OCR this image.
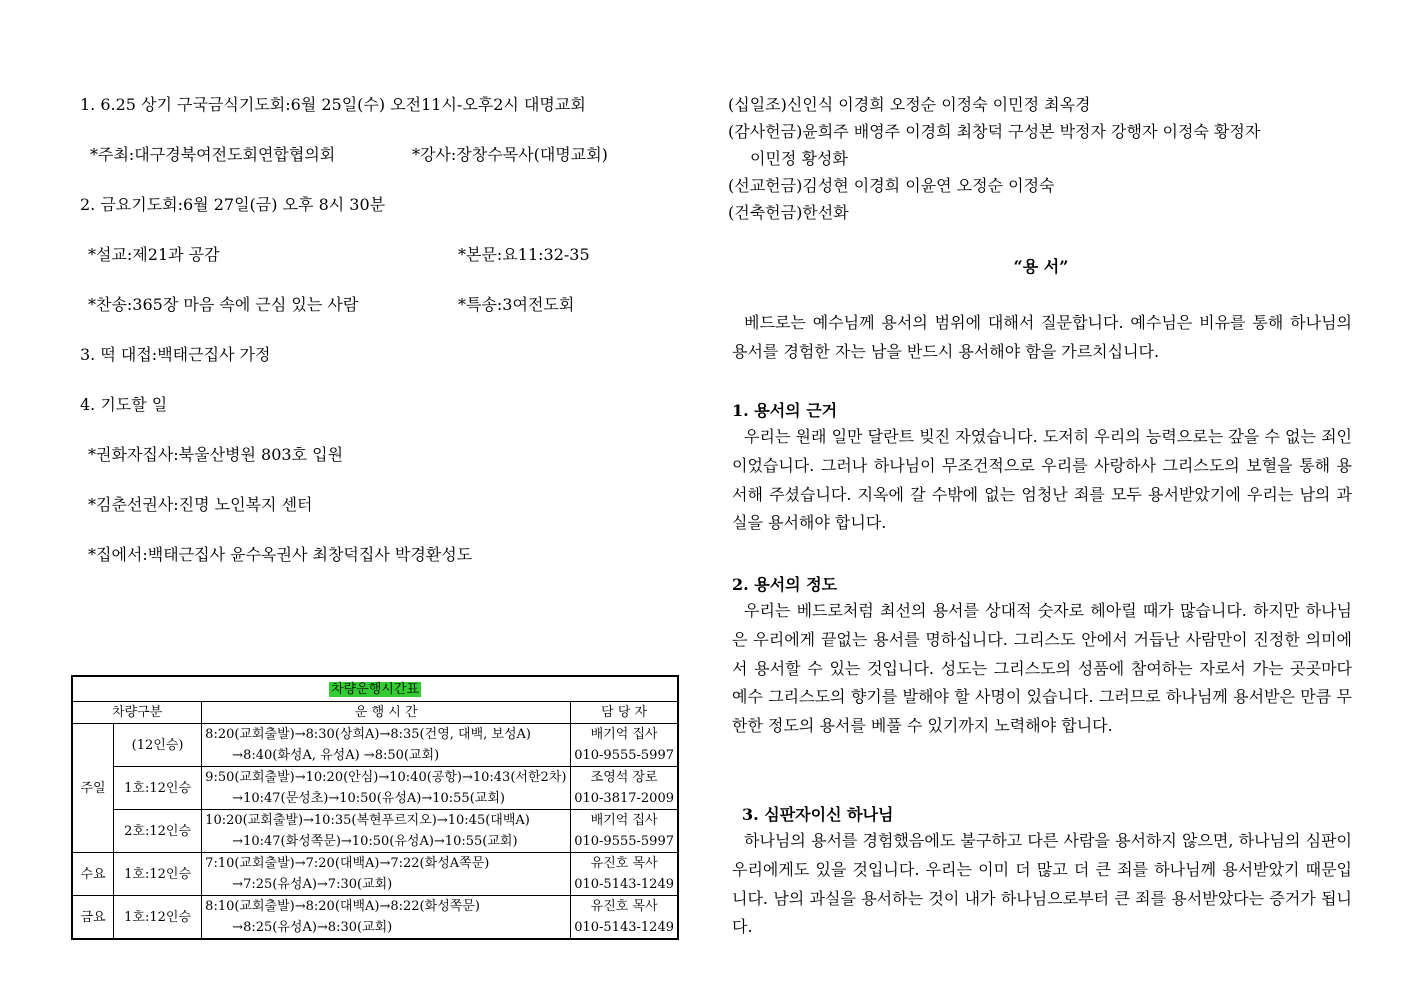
1. 6.25 상기 구국금식기도회:6월 25일(수) 오전11시-오후2시 대명교회
*주최:대구경북여전도회연합협의회	*강사:장창수목사(대명교회)
2. 금요기도회:6월 27일(금) 오후 8시 30분
*설교:제21과 공감	*본문:요11:32-35
*찬송:365장 마음 속에 근심 있는 사람	*특송:3여전도회
3. 떡 대접:백태근집사 가정
4. 기도할 일
*권화자집사:북울산병원 803호 입원
*김춘선권사:진명 노인복지 센터
*집에서:백태근집사 윤수옥권사 최창덕집사 박경환성도
차량운행시간표			
차량구분		운 행 시 간	담 당 자
주일	(12인승)	8:20(교회출발)→8:30(상희A)→8:35(건영, 대백, 보성A)	배기억 집사
		→8:40(화성A, 유성A) →8:50(교회)	010-9555-5997
	1호:12인승	9:50(교회출발)→10:20(안심)→10:40(공항)→10:43(서한2차)	조영석 장로
		→10:47(문성초)→10:50(유성A)→10:55(교회)	010-3817-2009
	2호:12인승	10:20(교회출발)→10:35(복현푸르지오)→10:45(대백A)	배기억 집사
		→10:47(화성쪽문)→10:50(유성A)→10:55(교회)	010-9555-5997
수요	1호:12인승	7:10(교회출발)→7:20(대백A)→7:22(화성A쪽문)	유진호 목사
		→7:25(유성A)→7:30(교회)	010-5143-1249
금요	1호:12인승	8:10(교회출발)→8:20(대백A)→8:22(화성쪽문)	유진호 목사
		→8:25(유성A)→8:30(교회)	010-5143-1249
(십일조)신인식 이경희 오정순 이정숙 이민정 최옥경
(감사헌금)윤희주 배영주 이경희 최창덕 구성본 박정자 강행자 이정숙 황정자
이민정 황성화
(선교헌금)김성현 이경희 이윤연 오정순 이정숙
(건축헌금)한선화
“용 서”
베드로는 예수님께 용서의 범위에 대해서 질문합니다. 예수님은 비유를 통해 하나님의 용서를 경험한 자는 남을 반드시 용서해야 함을 가르치십니다.
1. 용서의 근거
우리는 원래 일만 달란트 빚진 자였습니다. 도저히 우리의 능력으로는 갚을 수 없는 죄인이었습니다. 그러나 하나님이 무조건적으로 우리를 사랑하사 그리스도의 보혈을 통해 용서해 주셨습니다. 지옥에 갈 수밖에 없는 엄청난 죄를 모두 용서받았기에 우리는 남의 과실을 용서해야 합니다.
2. 용서의 정도
우리는 베드로처럼 최선의 용서를 상대적 숫자로 헤아릴 때가 많습니다. 하지만 하나님은 우리에게 끝없는 용서를 명하십니다. 그리스도 안에서 거듭난 사람만이 진정한 의미에서 용서할 수 있는 것입니다. 성도는 그리스도의 성품에 참여하는 자로서 가는 곳곳마다 예수 그리스도의 향기를 발해야 할 사명이 있습니다. 그러므로 하나님께 용서받은 만큼 무한한 정도의 용서를 베풀 수 있기까지 노력해야 합니다.
3. 심판자이신 하나님
하나님의 용서를 경험했음에도 불구하고 다른 사람을 용서하지 않으면, 하나님의 심판이 우리에게도 있을 것입니다. 우리는 이미 더 많고 더 큰 죄를 하나님께 용서받았기 때문입니다. 남의 과실을 용서하는 것이 내가 하나님으로부터 큰 죄를 용서받았다는 증거가 됩니다.
